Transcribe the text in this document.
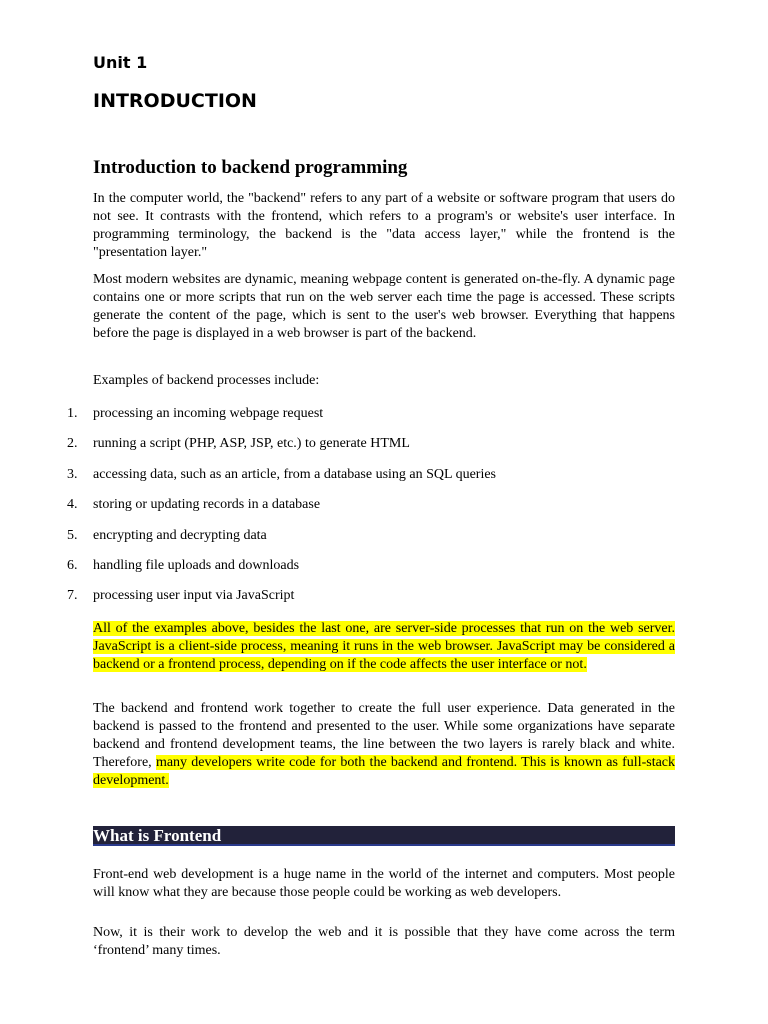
Unit 1

INTRODUCTION
Introduction to backend programming

In the computer world, the "backend" refers to any part of a website or software program that users do not see. It contrasts with the frontend, which refers to a program's or website's user interface. In programming terminology, the backend is the "data access layer," while the frontend is the "presentation layer."

Most modern websites are dynamic, meaning webpage content is generated on-the-fly. A dynamic page contains one or more scripts that run on the web server each time the page is accessed. These scripts generate the content of the page, which is sent to the user's web browser. Everything that happens before the page is displayed in a web browser is part of the backend.

Examples of backend processes include:

1. processing an incoming webpage request
2. running a script (PHP, ASP, JSP, etc.) to generate HTML
3. accessing data, such as an article, from a database using an SQL queries
4. storing or updating records in a database
5. encrypting and decrypting data
6. handling file uploads and downloads
7. processing user input via JavaScript

All of the examples above, besides the last one, are server-side processes that run on the web server. JavaScript is a client-side process, meaning it runs in the web browser. JavaScript may be considered a backend or a frontend process, depending on if the code affects the user interface or not.

The backend and frontend work together to create the full user experience. Data generated in the backend is passed to the frontend and presented to the user. While some organizations have separate backend and frontend development teams, the line between the two layers is rarely black and white. Therefore, many developers write code for both the backend and frontend. This is known as full-stack development.

What is Frontend

Front-end web development is a huge name in the world of the internet and computers. Most people will know what they are because those people could be working as web developers.

Now, it is their work to develop the web and it is possible that they have come across the term ‘frontend’ many times.
